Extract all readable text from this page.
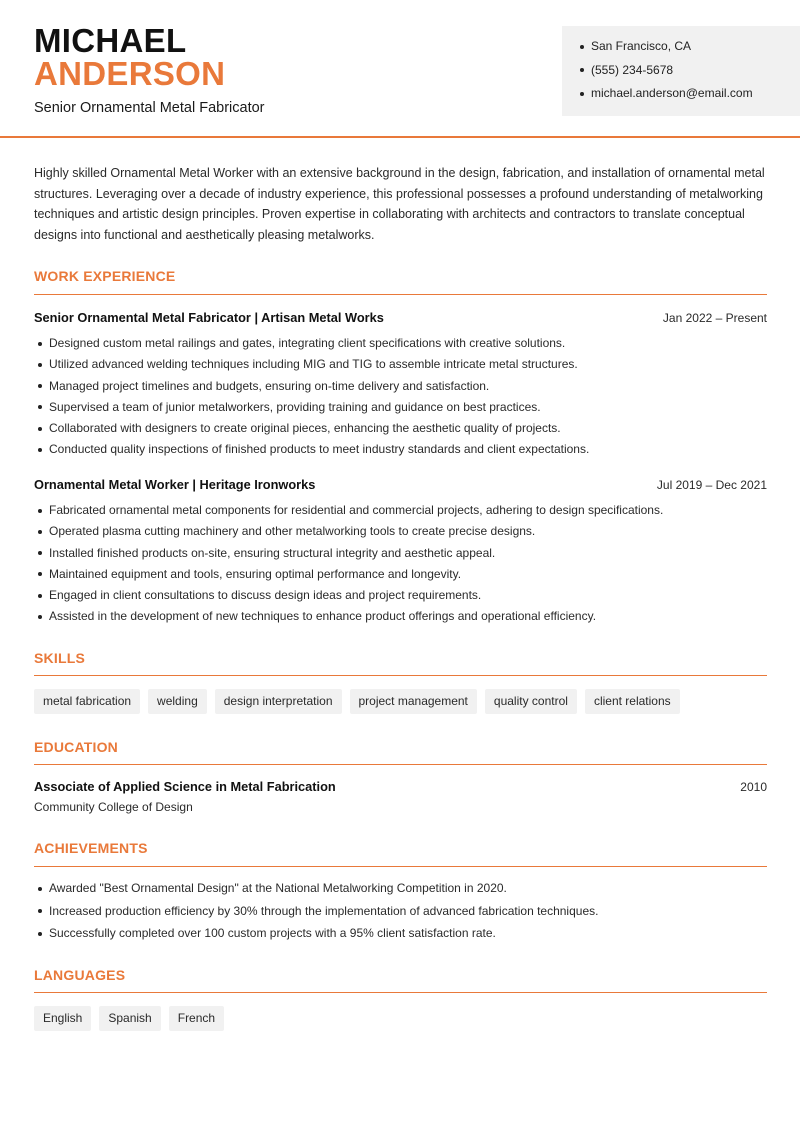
MICHAEL
ANDERSON
Senior Ornamental Metal Fabricator
San Francisco, CA
(555) 234-5678
michael.anderson@email.com

Highly skilled Ornamental Metal Worker with an extensive background in the design, fabrication, and installation of ornamental metal structures. Leveraging over a decade of industry experience, this professional possesses a profound understanding of metalworking techniques and artistic design principles. Proven expertise in collaborating with architects and contractors to translate conceptual designs into functional and aesthetically pleasing metalworks.

WORK EXPERIENCE
Senior Ornamental Metal Fabricator | Artisan Metal Works	Jan 2022 – Present
Designed custom metal railings and gates, integrating client specifications with creative solutions.
Utilized advanced welding techniques including MIG and TIG to assemble intricate metal structures.
Managed project timelines and budgets, ensuring on-time delivery and satisfaction.
Supervised a team of junior metalworkers, providing training and guidance on best practices.
Collaborated with designers to create original pieces, enhancing the aesthetic quality of projects.
Conducted quality inspections of finished products to meet industry standards and client expectations.
Ornamental Metal Worker | Heritage Ironworks	Jul 2019 – Dec 2021
Fabricated ornamental metal components for residential and commercial projects, adhering to design specifications.
Operated plasma cutting machinery and other metalworking tools to create precise designs.
Installed finished products on-site, ensuring structural integrity and aesthetic appeal.
Maintained equipment and tools, ensuring optimal performance and longevity.
Engaged in client consultations to discuss design ideas and project requirements.
Assisted in the development of new techniques to enhance product offerings and operational efficiency.
SKILLS
metal fabrication	welding	design interpretation	project management	quality control	client relations
EDUCATION
Associate of Applied Science in Metal Fabrication	2010
Community College of Design
ACHIEVEMENTS
Awarded "Best Ornamental Design" at the National Metalworking Competition in 2020.
Increased production efficiency by 30% through the implementation of advanced fabrication techniques.
Successfully completed over 100 custom projects with a 95% client satisfaction rate.
LANGUAGES
English	Spanish	French
